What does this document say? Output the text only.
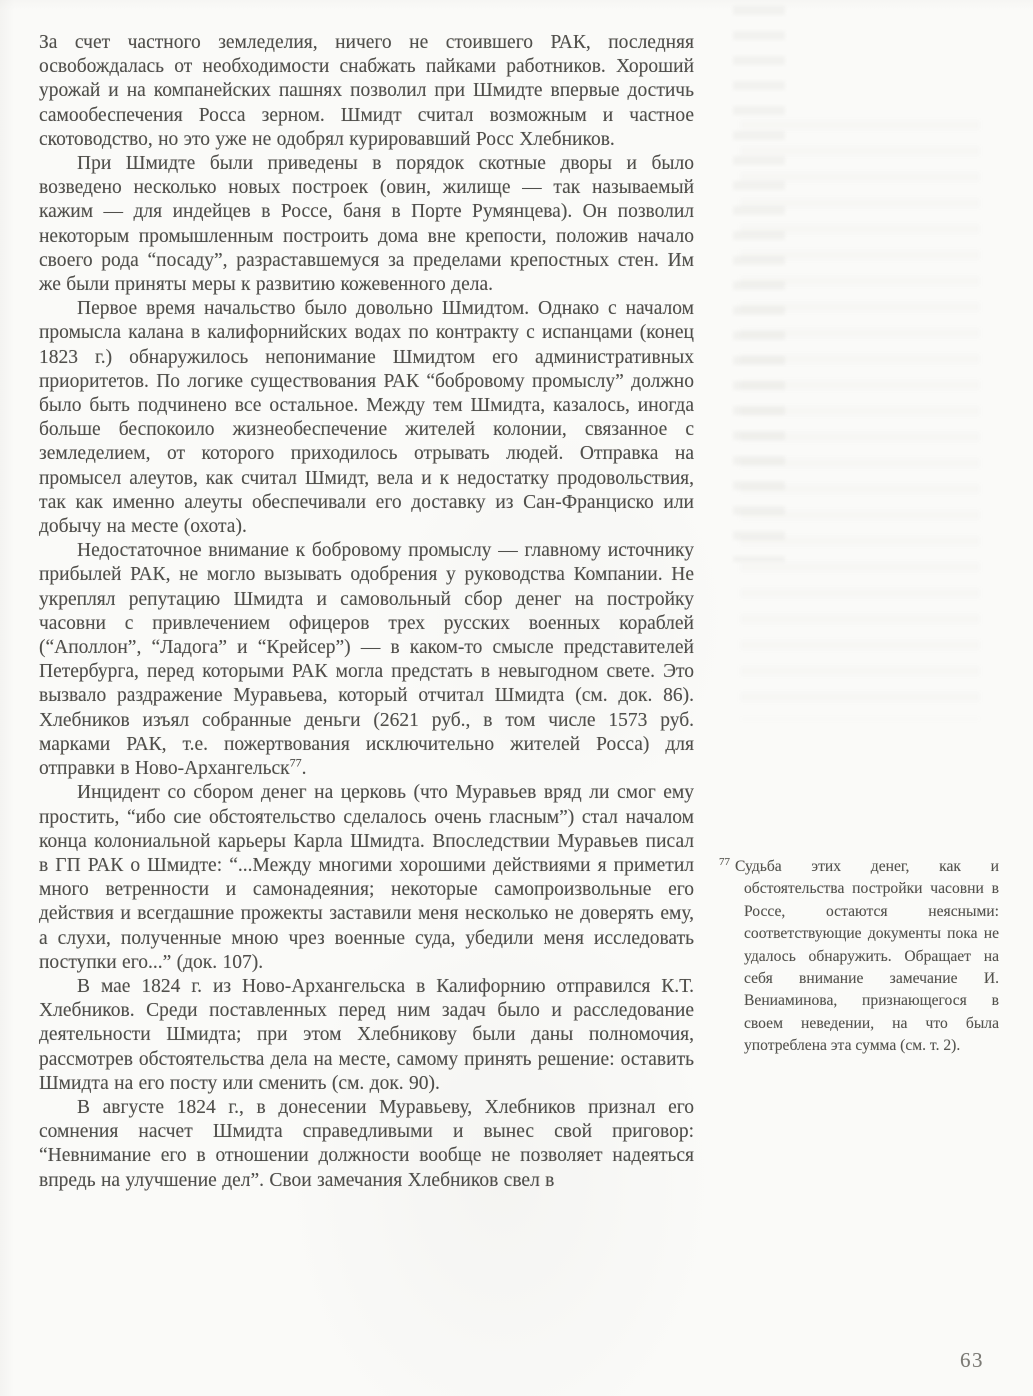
За счет частного земледелия, ничего не стоившего РАК, последняя освобождалась от необходимости снабжать пайками работников. Хороший урожай и на компанейских пашнях позволил при Шмидте впервые достичь самообеспечения Росса зерном. Шмидт считал возможным и частное скотоводство, но это уже не одобрял курировавший Росс Хлебников.

При Шмидте были приведены в порядок скотные дворы и было возведено несколько новых построек (овин, жилище — так называемый кажим — для индейцев в Россе, баня в Порте Румянцева). Он позволил некоторым промышленным построить дома вне крепости, положив начало своего рода “посаду”, разраставшемуся за пределами крепостных стен. Им же были приняты меры к развитию кожевенного дела.

Первое время начальство было довольно Шмидтом. Однако с началом промысла калана в калифорнийских водах по контракту с испанцами (конец 1823 г.) обнаружилось непонимание Шмидтом его административных приоритетов. По логике существования РАК “бобровому промыслу” должно было быть подчинено все остальное. Между тем Шмидта, казалось, иногда больше беспокоило жизнеобеспечение жителей колонии, связанное с земледелием, от которого приходилось отрывать людей. Отправка на промысел алеутов, как считал Шмидт, вела и к недостатку продовольствия, так как именно алеуты обеспечивали его доставку из Сан-Франциско или добычу на месте (охота).

Недостаточное внимание к бобровому промыслу — главному источнику прибылей РАК, не могло вызывать одобрения у руководства Компании. Не укреплял репутацию Шмидта и самовольный сбор денег на постройку часовни с привлечением офицеров трех русских военных кораблей (“Аполлон”, “Ладога” и “Крейсер”) — в каком-то смысле представителей Петербурга, перед которыми РАК могла предстать в невыгодном свете. Это вызвало раздражение Муравьева, который отчитал Шмидта (см. док. 86). Хлебников изъял собранные деньги (2621 руб., в том числе 1573 руб. марками РАК, т.е. пожертвования исключительно жителей Росса) для отправки в Ново-Архангельск$^{77}$.

Инцидент со сбором денег на церковь (что Муравьев вряд ли смог ему простить, “ибо сие обстоятельство сделалось очень гласным”) стал началом конца колониальной карьеры Карла Шмидта. Впоследствии Муравьев писал в ГП РАК о Шмидте: “...Между многими хорошими действиями я приметил много ветренности и самонадеяния; некоторые самопроизвольные его действия и всегдашние прожекты заставили меня несколько не доверять ему, а слухи, полученные мною чрез военные суда, убедили меня исследовать поступки его...” (док. 107).

В мае 1824 г. из Ново-Архангельска в Калифорнию отправился К.Т. Хлебников. Среди поставленных перед ним задач было и расследование деятельности Шмидта; при этом Хлебникову были даны полномочия, рассмотрев обстоятельства дела на месте, самому принять решение: оставить Шмидта на его посту или сменить (см. док. 90).

В августе 1824 г., в донесении Муравьеву, Хлебников признал его сомнения насчет Шмидта справедливыми и вынес свой приговор: “Невнимание его в отношении должности вообще не позволяет надеяться впредь на улучшение дел”. Свои замечания Хлебников свел в

$^{77}$ Судьба этих денег, как и обстоятельства постройки часовни в Россе, остаются неясными: соответствующие документы пока не удалось обнаружить. Обращает на себя внимание замечание И. Вениаминова, признающегося в своем неведении, на что была употреблена эта сумма (см. т. 2).

63
